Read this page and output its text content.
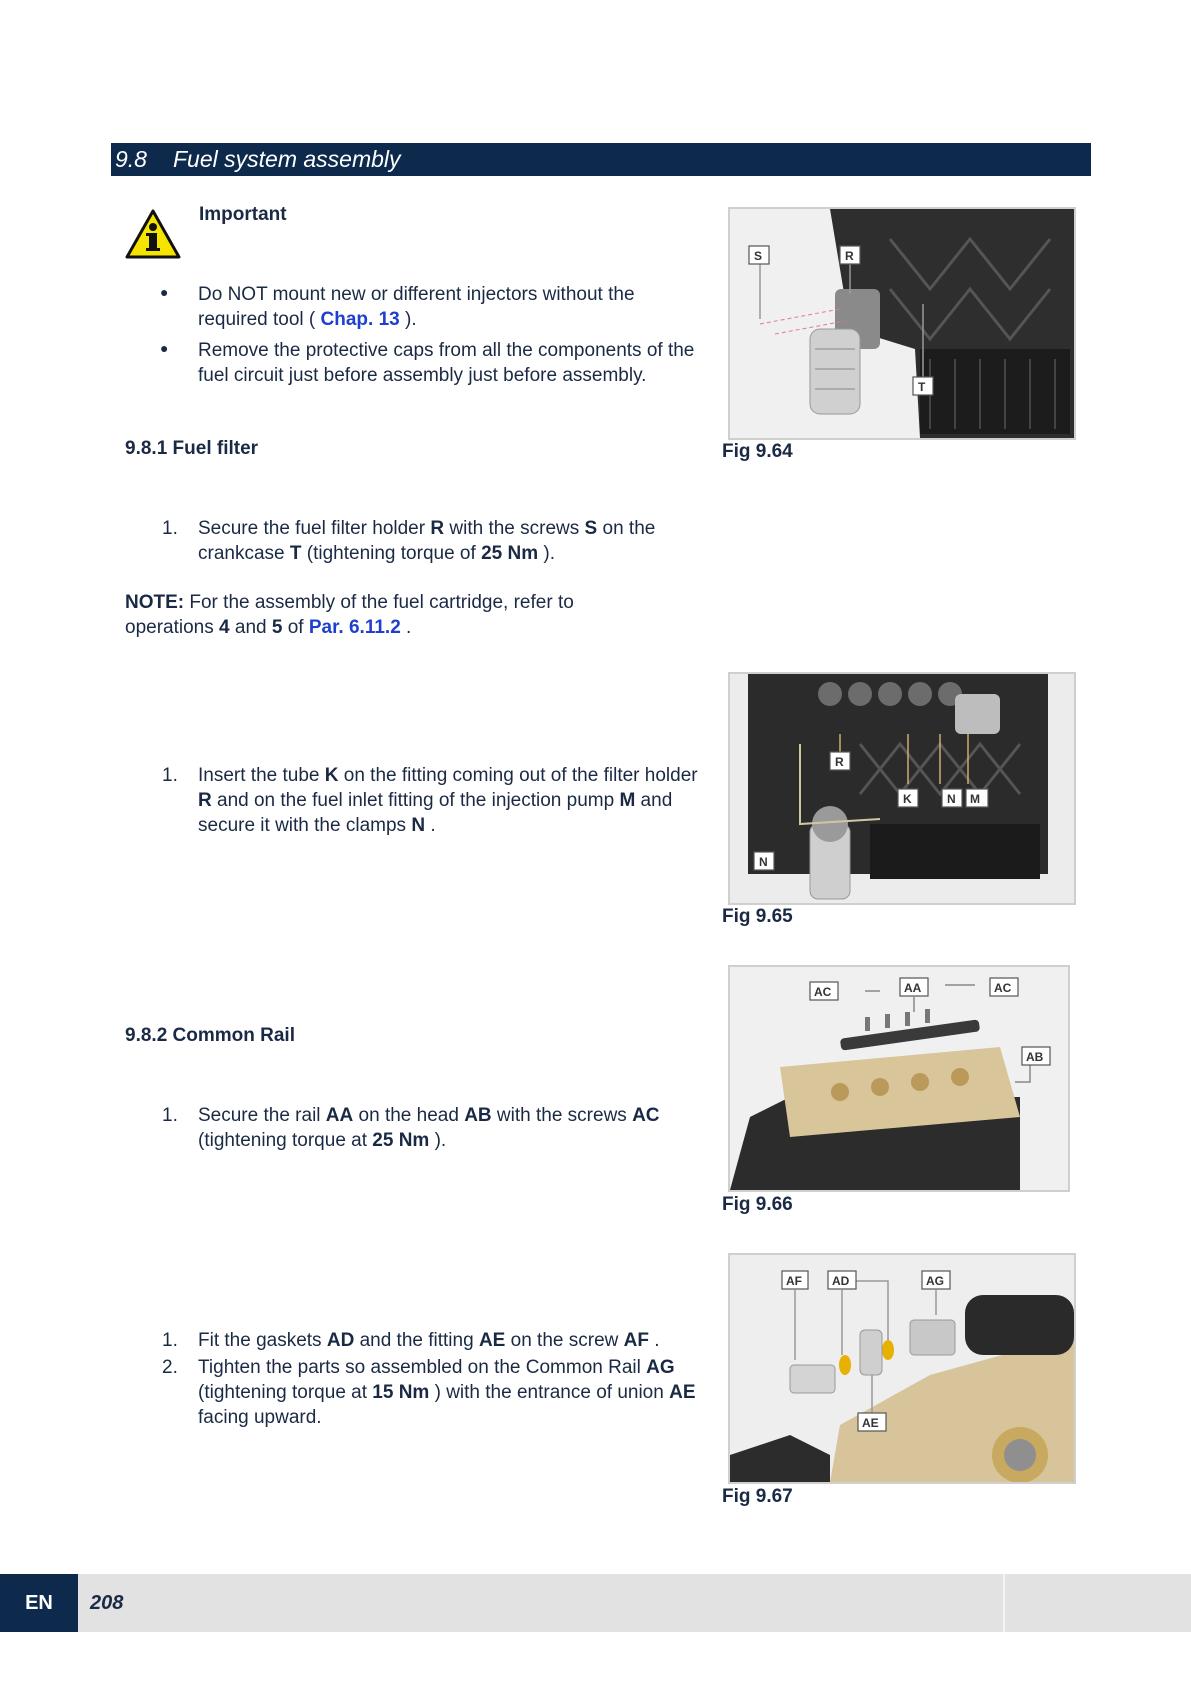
9.8 Fuel system assembly
Important
● Do NOT mount new or different injectors without the required tool ( Chap. 13 ).
● Remove the protective caps from all the components of the fuel circuit just before assembly just before assembly.
9.8.1 Fuel filter
1. Secure the fuel filter holder R with the screws S on the crankcase T (tightening torque of 25 Nm ).
NOTE: For the assembly of the fuel cartridge, refer to operations 4 and 5 of Par. 6.11.2 .
1. Insert the tube K on the fitting coming out of the filter holder R and on the fuel inlet fitting of the injection pump M and secure it with the clamps N .
9.8.2 Common Rail
1. Secure the rail AA on the head AB with the screws AC (tightening torque at 25 Nm ).
1. Fit the gaskets AD and the fitting AE on the screw AF .
2. Tighten the parts so assembled on the Common Rail AG (tightening torque at 15 Nm ) with the entrance of union AE facing upward.
S	R
T
Fig 9.64
R
K	N M
N
Fig 9.65
AC	AA	AC
AB
Fig 9.66
AF	AD	AG
AE
Fig 9.67
EN	208
